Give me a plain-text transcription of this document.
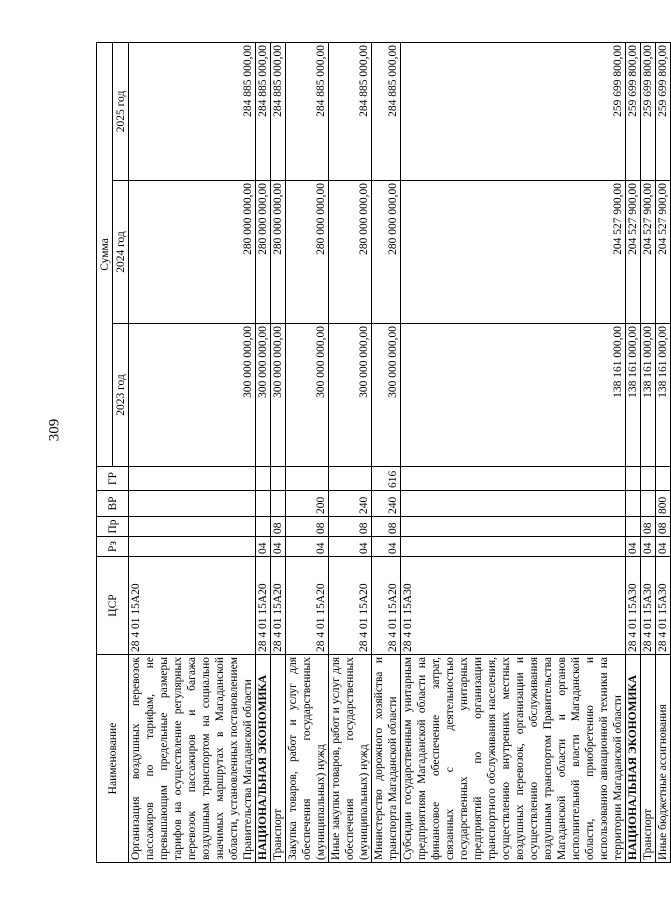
309
Наименование	ЦСР	Рз	Пр	ВР	ГР	Сумма		
						2023 год	2024 год	2025 год
Организация воздушных перевозок пассажиров по тарифам, не превышающим предельные размеры тарифов на осуществление регулярных перевозок пассажиров и багажа воздушным транспортом на социально значимых маршрутах в Магаданской области, установленных постановлением Правительства Магаданской области	28 4 01 15А20					300 000 000,00	280 000 000,00	284 885 000,00
НАЦИОНАЛЬНАЯ ЭКОНОМИКА	28 4 01 15А20	04				300 000 000,00	280 000 000,00	284 885 000,00
Транспорт	28 4 01 15А20	04	08			300 000 000,00	280 000 000,00	284 885 000,00
Закупка товаров, работ и услуг для обеспечения государственных (муниципальных) нужд	28 4 01 15А20	04	08	200		300 000 000,00	280 000 000,00	284 885 000,00
Иные закупки товаров, работ и услуг для обеспечения государственных (муниципальных) нужд	28 4 01 15А20	04	08	240		300 000 000,00	280 000 000,00	284 885 000,00
Министерство дорожного хозяйства и транспорта Магаданской области	28 4 01 15А20	04	08	240	616	300 000 000,00	280 000 000,00	284 885 000,00
Субсидии государственным унитарным предприятиям Магаданской области на финансовое обеспечение затрат, связанных с деятельностью государственных унитарных предприятий по организации транспортного обслуживания населения, осуществлению внутренних местных воздушных перевозок, организации и осуществлению обслуживания воздушным транспортом Правительства Магаданской области и органов исполнительной власти Магаданской области, приобретению и использованию авиационной техники на территории Магаданской области	28 4 01 15А30					138 161 000,00	204 527 900,00	259 699 800,00
НАЦИОНАЛЬНАЯ ЭКОНОМИКА	28 4 01 15А30	04				138 161 000,00	204 527 900,00	259 699 800,00
Транспорт	28 4 01 15А30	04	08			138 161 000,00	204 527 900,00	259 699 800,00
Иные бюджетные ассигнования	28 4 01 15А30	04	08	800		138 161 000,00	204 527 900,00	259 699 800,00
